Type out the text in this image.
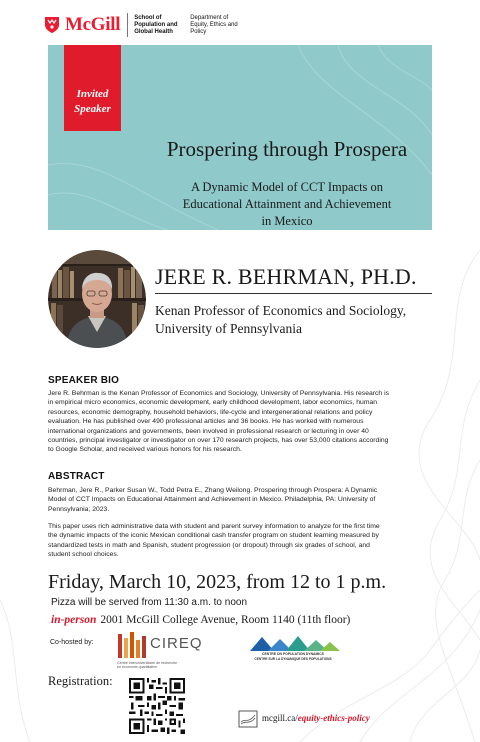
McGill School of
Population and
Global Health
Department of
Equity, Ethics and
Policy
Invited
Speaker
Prospering through Prospera
A Dynamic Model of CCT Impacts on
Educational Attainment and Achievement
in Mexico
JERE R. BEHRMAN, PH.D.
Kenan Professor of Economics and Sociology,
University of Pennsylvania
SPEAKER BIO
Jere R. Behrman is the Kenan Professor of Economics and Sociology, University of Pennsylvania. His research is
in empirical micro economics, economic development, early childhood development, labor economics, human
resources, economic demography, household behaviors, life-cycle and intergenerational relations and policy
evaluation. He has published over 490 professional articles and 36 books. He has worked with numerous
international organizations and governments, been involved in professional research or lecturing in over 40
countries, principal investigator or investigator on over 170 research projects, has over 53,000 citations according
to Google Scholar, and received various honors for his research.
ABSTRACT
Behrman, Jere R., Parker Susan W., Todd Petra E., Zhang Weilong. Prospering through Prospera: A Dynamic
Model of CCT Impacts on Educational Attainment and Achievement in Mexico. Philadelphia, PA: University of
Pennsylvania; 2023.
This paper uses rich administrative data with student and parent survey information to analyze for the first time
the dynamic impacts of the iconic Mexican conditional cash transfer program on student learning measured by
standardized tests in math and Spanish, student progression (or dropout) through six grades of school, and
student school choices.
Friday, March 10, 2023, from 12 to 1 p.m.
Pizza will be served from 11:30 a.m. to noon
in-person 2001 McGill College Avenue, Room 1140 (11th floor)
Co-hosted by:	CIREQ
Centre interuniversitaire de recherche
en économie quantitative
CENTRE ON POPULATION DYNAMICS
CENTRE SUR LA DYNAMIQUE DES POPULATIONS
Registration:
mcgill.ca/equity-ethics-policy
